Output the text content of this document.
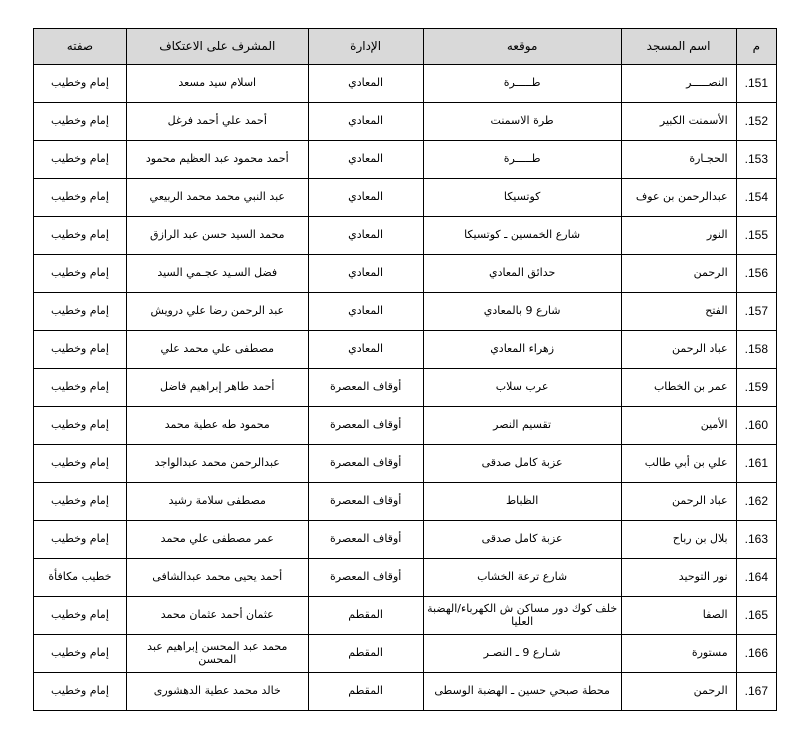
م	اسم المسجد	موقعه	الإدارة	المشرف على الاعتكاف	صفته
151.	النصـــــر	طـــــرة	المعادي	اسلام سيد مسعد	إمام وخطيب
152.	الأسمنت الكبير	طرة الاسمنت	المعادي	أحمد علي أحمد فرغل	إمام وخطيب
153.	الحجـارة	طـــــرة	المعادي	أحمد محمود عبد العظيم محمود	إمام وخطيب
154.	عبدالرحمن بن عوف	كوتسيكا	المعادي	عبد النبي محمد محمد الربيعي	إمام وخطيب
155.	النور	شارع الخمسين ـ كوتسيكا	المعادي	محمد السيد حسن عبد الرازق	إمام وخطيب
156.	الرحمن	حدائق المعادي	المعادي	فضل السـيد عجـمي السيد	إمام وخطيب
157.	الفتح	شارع 9 بالمعادي	المعادي	عبد الرحمن رضا علي درويش	إمام وخطيب
158.	عباد الرحمن	زهراء المعادي	المعادي	مصطفى علي محمد علي	إمام وخطيب
159.	عمر بن الخطاب	عرب سلاب	أوقاف المعصرة	أحمد طاهر إبراهيم فاضل	إمام وخطيب
160.	الأمين	تقسيم النصر	أوقاف المعصرة	محمود طه عطية محمد	إمام وخطيب
161.	علي بن أبي طالب	عزبة كامل صدقى	أوقاف المعصرة	عبدالرحمن محمد عبدالواجد	إمام وخطيب
162.	عباد الرحمن	الظباط	أوقاف المعصرة	مصطفى سلامة رشيد	إمام وخطيب
163.	بلال بن رباح	عزبة كامل صدقى	أوقاف المعصرة	عمر مصطفى علي محمد	إمام وخطيب
164.	نور التوحيد	شارع ترعة الخشاب	أوقاف المعصرة	أحمد يحيى محمد عبدالشافى	خطيب مكافأة
165.	الصفا	خلف كوك دور مساكن ش الكهرباء/الهضبة العليا	المقطم	عثمان أحمد عثمان محمد	إمام وخطيب
166.	مستورة	شـارع 9 ـ النصـر	المقطم	محمد عبد المحسن إبراهيم عبد المحسن	إمام وخطيب
167.	الرحمن	محطة صبحي حسين ـ الهضبة الوسطى	المقطم	خالد محمد عطية الدهشورى	إمام وخطيب
